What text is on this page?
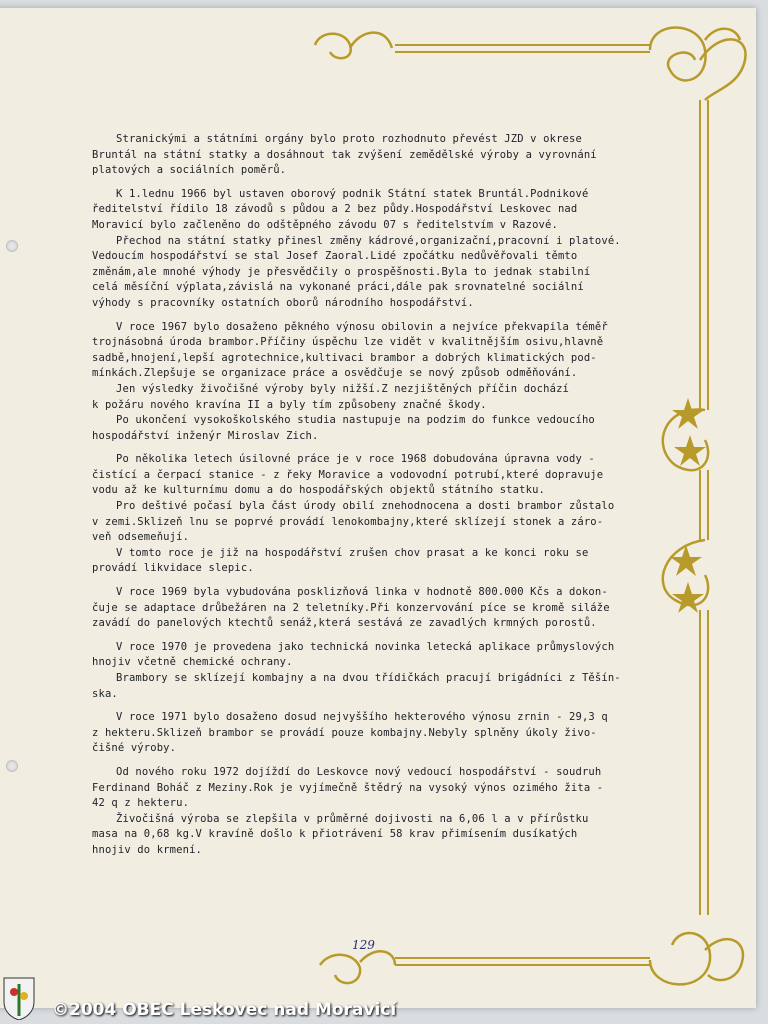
Stranickými a státními orgány bylo proto rozhodnuto převést JZD v okrese
Bruntál na státní statky a dosáhnout tak zvýšení zemědělské výroby a vyrovnání
platových a sociálních poměrů.
K 1.lednu 1966 byl ustaven oborový podnik Státní statek Bruntál.Podnikové
ředitelství řídilo 18 závodů s půdou a 2 bez půdy.Hospodářství Leskovec nad
Moravicí bylo začleněno do odštěpného závodu 07 s ředitelstvím v Razové.
Přechod na státní statky přinesl změny kádrové,organizační,pracovní i platové.
Vedoucím hospodářství se stal Josef Zaoral.Lidé zpočátku nedůvěřovali těmto
změnám,ale mnohé výhody je přesvědčily o prospěšnosti.Byla to jednak stabilní
celá měsíční výplata,závislá na vykonané práci,dále pak srovnatelné sociální
výhody s pracovníky ostatních oborů národního hospodářství.
V roce 1967 bylo dosaženo pěkného výnosu obilovin a nejvíce překvapila téměř
trojnásobná úroda brambor.Příčiny úspěchu lze vidět v kvalitnějším osivu,hlavně
sadbě,hnojení,lepší agrotechnice,kultivaci brambor a dobrých klimatických pod-
mínkách.Zlepšuje se organizace práce a osvědčuje se nový způsob odměňování.
Jen výsledky živočišné výroby byly nižší.Z nezjištěných příčin dochází
k požáru nového kravína II a byly tím způsobeny značné škody.
Po ukončení vysokoškolského studia nastupuje na podzim do funkce vedoucího
hospodářství inženýr Miroslav Zich.
Po několika letech úsilovné práce je v roce 1968 dobudována úpravna vody -
čistící a čerpací stanice - z řeky Moravice a vodovodní potrubí,které dopravuje
vodu až ke kulturnímu domu a do hospodářských objektů státního statku.
Pro deštivé počasí byla část úrody obilí znehodnocena a dosti brambor zůstalo
v zemi.Sklizeň lnu se poprvé provádí lenokombajny,které sklízejí stonek a záro-
veň odsemeňují.
V tomto roce je již na hospodářství zrušen chov prasat a ke konci roku se
provádí likvidace slepic.
V roce 1969 byla vybudována posklizňová linka v hodnotě 800.000 Kčs a dokon-
čuje se adaptace drůbežáren na 2 teletníky.Při konzervování píce se kromě siláže
zavádí do panelových ktechtů senáž,která sestává ze zavadlých krmných porostů.
V roce 1970 je provedena jako technická novinka letecká aplikace průmyslových
hnojiv včetně chemické ochrany.
Brambory se sklízejí kombajny a na dvou třídičkách pracují brigádníci z Těšín-
ska.
V roce 1971 bylo dosaženo dosud nejvyššího hekterového výnosu zrnin - 29,3 q
z hekteru.Sklizeň brambor se provádí pouze kombajny.Nebyly splněny úkoly živo-
čišné výroby.
Od nového roku 1972 dojíždí do Leskovce nový vedoucí hospodářství - soudruh
Ferdinand Boháč z Meziny.Rok je vyjímečně štědrý na vysoký výnos ozimého žita -
42 q z hekteru.
Živočišná výroba se zlepšila v průměrné dojivosti na 6,06 l a v přírůstku
masa na 0,68 kg.V kravíně došlo k přiotrávení 58 krav přimísením dusíkatých
hnojiv do krmení.
129
©2004 OBEC Leskovec nad Moravicí
